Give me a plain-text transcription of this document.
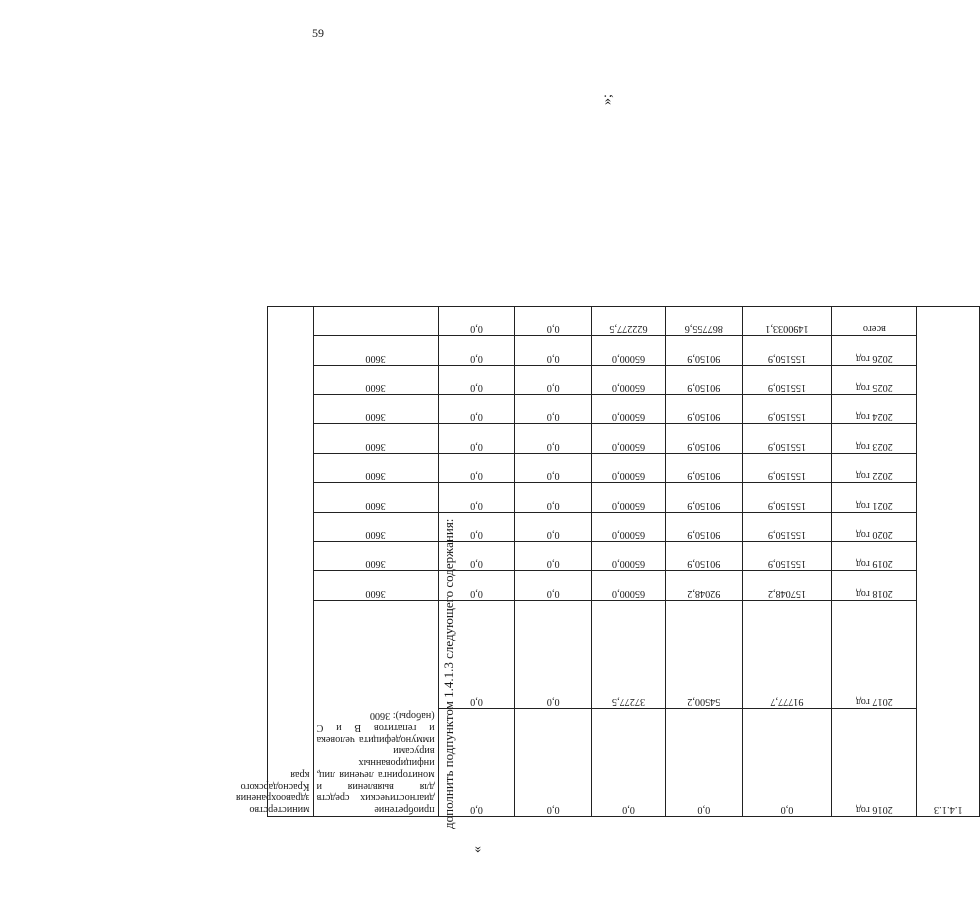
59
дополнить подпунктом 1.4.1.3 следующего содержания:
«
»;
1.4.1.3	2016 год	0,0	0,0	0,0	0,0	0,0	приобретение диагностических средств для выявления и мониторинга лечения лиц, инфицированных вирусами иммунодефицита человека и гепатитов В и С (наборы): 3600	министерство здравоохранения Краснодарского края
	2017 год	91777,7	54500,2	37277,5	0,0	0,0		
	2018 год	157048,2	92048,2	65000,0	0,0	0,0	3600	
	2019 год	155150,9	90150,9	65000,0	0,0	0,0	3600	
	2020 год	155150,9	90150,9	65000,0	0,0	0,0	3600	
	2021 год	155150,9	90150,9	65000,0	0,0	0,0	3600	
	2022 год	155150,9	90150,9	65000,0	0,0	0,0	3600	
	2023 год	155150,9	90150,9	65000,0	0,0	0,0	3600	
	2024 год	155150,9	90150,9	65000,0	0,0	0,0	3600	
	2025 год	155150,9	90150,9	65000,0	0,0	0,0	3600	
	2026 год	155150,9	90150,9	65000,0	0,0	0,0	3600	
	всего	1490033,1	867755,6	622277,5	0,0	0,0		
